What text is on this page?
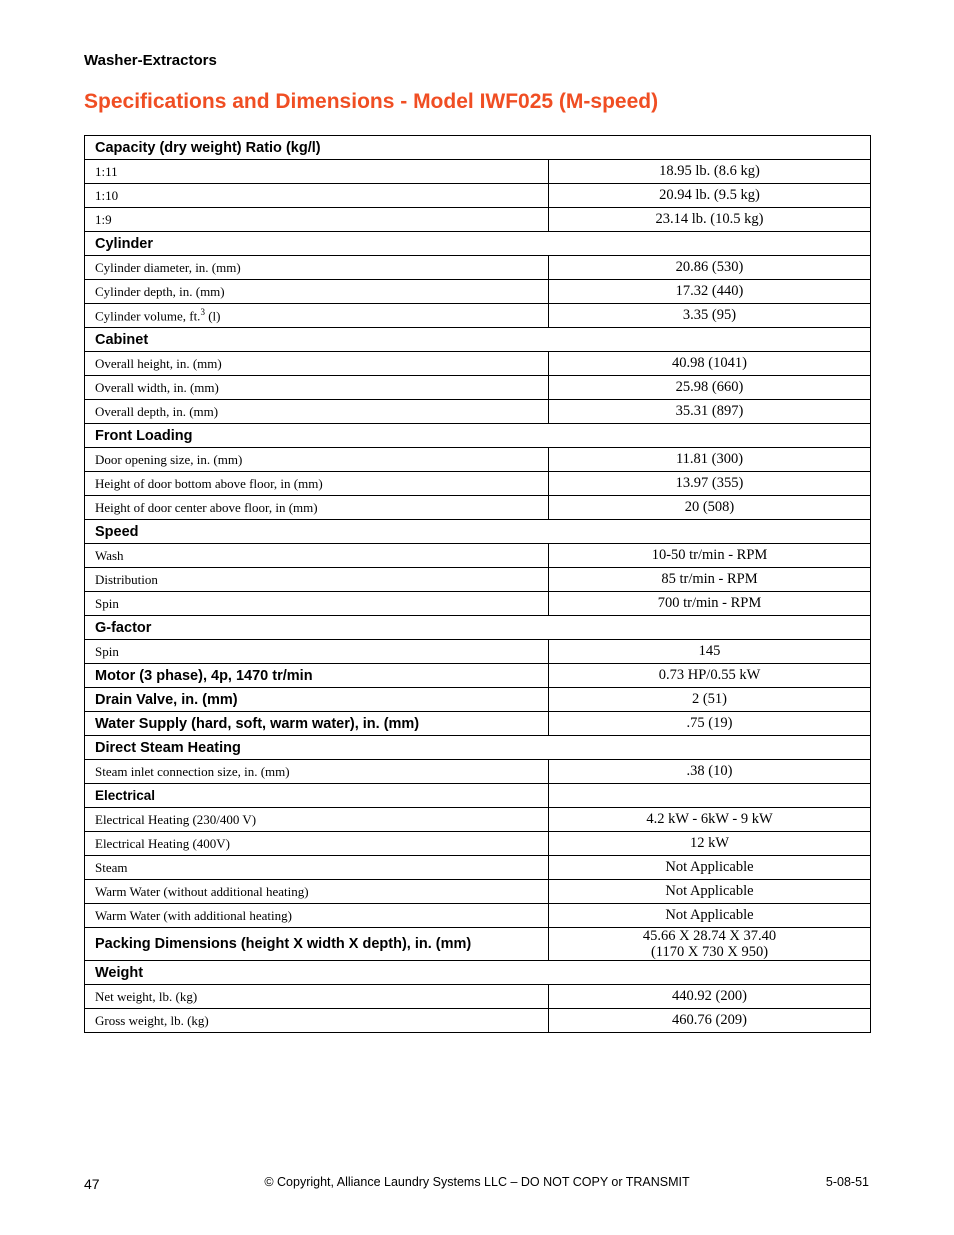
Washer-Extractors
Specifications and Dimensions - Model IWF025 (M-speed)
Capacity (dry weight) Ratio (kg/l)	
1:11	18.95 lb. (8.6 kg)
1:10	20.94 lb. (9.5 kg)
1:9	23.14 lb. (10.5 kg)
Cylinder	
Cylinder diameter, in. (mm)	20.86 (530)
Cylinder depth, in. (mm)	17.32 (440)
Cylinder volume, ft.$^3$ (l)	3.35 (95)
Cabinet	
Overall height, in. (mm)	40.98 (1041)
Overall width, in. (mm)	25.98 (660)
Overall depth, in. (mm)	35.31 (897)
Front Loading	
Door opening size, in. (mm)	11.81 (300)
Height of door bottom above floor, in (mm)	13.97 (355)
Height of door center above floor, in (mm)	20 (508)
Speed	
Wash	10-50 tr/min - RPM
Distribution	85 tr/min - RPM
Spin	700 tr/min - RPM
G-factor	
Spin	145
Motor (3 phase), 4p, 1470 tr/min	0.73 HP/0.55 kW
Drain Valve, in. (mm)	2 (51)
Water Supply (hard, soft, warm water), in. (mm)	.75 (19)
Direct Steam Heating	
Steam inlet connection size, in. (mm)	.38 (10)
Electrical	
Electrical Heating (230/400 V)	4.2 kW - 6kW - 9 kW
Electrical Heating (400V)	12 kW
Steam	Not Applicable
Warm Water (without additional heating)	Not Applicable
Warm Water (with additional heating)	Not Applicable
Packing Dimensions (height X width X depth), in. (mm)	45.66 X 28.74 X 37.40
(1170 X 730 X 950)

Weight	
Net weight, lb. (kg)	440.92 (200)
Gross weight, lb. (kg)	460.76 (209)
47	© Copyright, Alliance Laundry Systems LLC – DO NOT COPY or TRANSMIT	5-08-51
